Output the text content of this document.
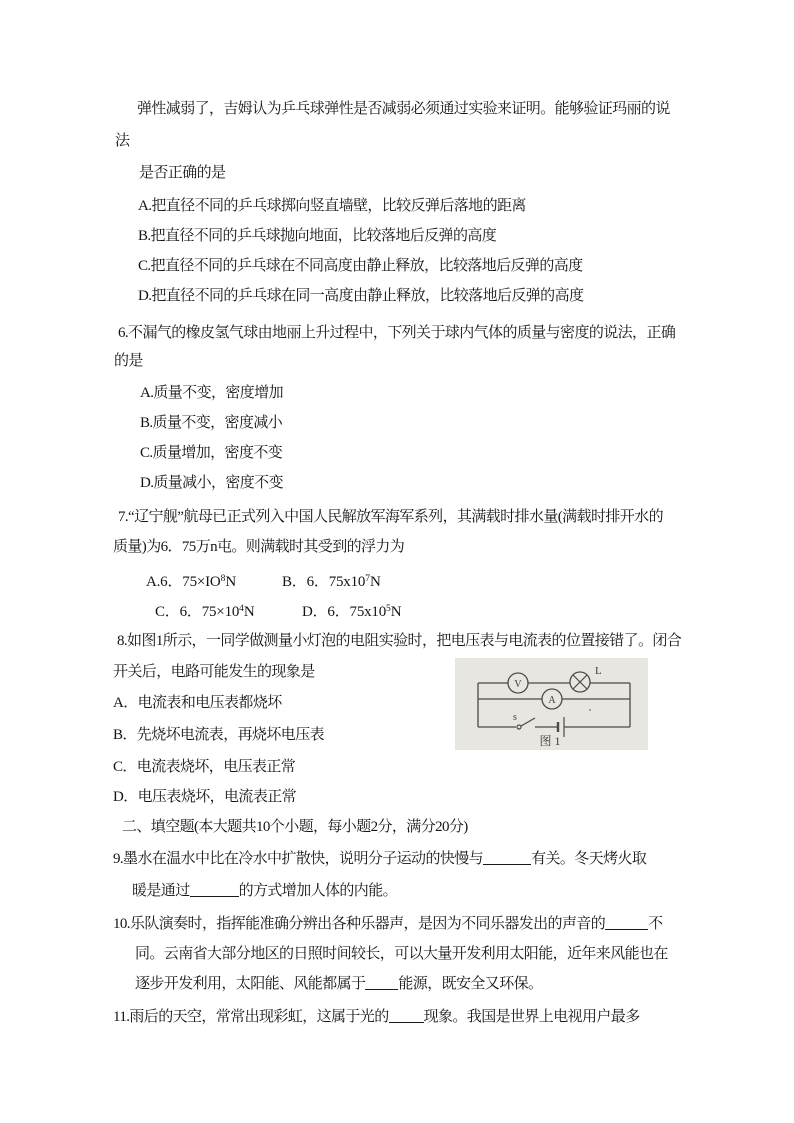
弹性减弱了，吉姆认为乒乓球弹性是否减弱必须通过实验来证明。能够验证玛丽的说
法
是否正确的是
A.把直径不同的乒乓球掷向竖直墙壁，比较反弹后落地的距离
B.把直径不同的乒乓球抛向地面，比较落地后反弹的高度
C.把直径不同的乒乓球在不同高度由静止释放，比较落地后反弹的高度
D.把直径不同的乒乓球在同一高度由静止释放，比较落地后反弹的高度
6.不漏气的橡皮氢气球由地丽上升过程中，下列关于球内气体的质量与密度的说法，正确
的是
A.质量不变，密度增加
B.质量不变，密度减小
C.质量增加，密度不变
D.质量减小，密度不变
7.“辽宁舰”航母已正式列入中国人民解放军海军系列，其满载时排水量(满载时排开水的
质量)为6．75万n屯。则满载时其受到的浮力为
A.6．$75\times IO^8N$	B．6．$75x10^7N$
C．6．$75\times 10^4N$	D．6．$75x10^5N$
8.如图1所示，一同学做测量小灯泡的电阻实验时，把电压表与电流表的位置接错了。闭合
开关后，电路可能发生的现象是
A．电流表和电压表都烧坏
B．先烧坏电流表，再烧坏电压表
C．电流表烧坏，电压表正常
D．电压表烧坏，电流表正常
V
L
A
s
图 1
二、填空题(本大题共10个小题，每小题2分，满分20分)
9.墨水在温水中比在冷水中扩散快，说明分子运动的快慢与	有关。冬天烤火取
暖是通过	的方式增加人体的内能。
10.乐队演奏时，指挥能准确分辨出各种乐器声，是因为不同乐器发出的声音的	不
同。云南省大部分地区的日照时间较长，可以大量开发利用太阳能，近年来风能也在
逐步开发利用，太阳能、风能都属于 能源，既安全又环保。
11.雨后的天空，常常出现彩虹，这属于光的 现象。我国是世界上电视用户最多
